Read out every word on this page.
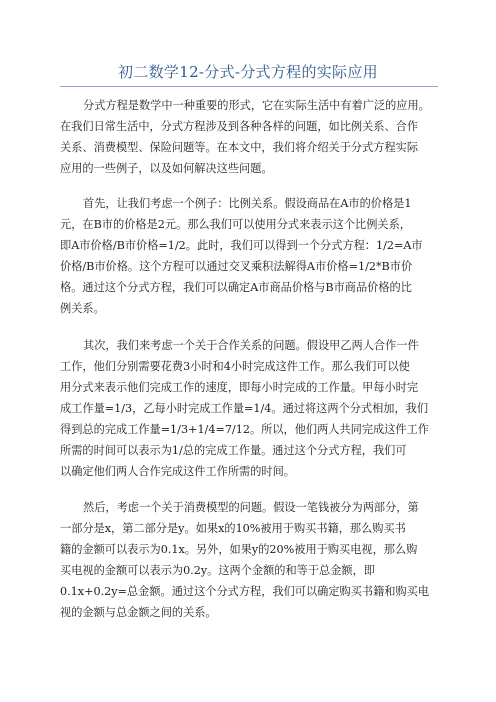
初二数学12-分式-分式方程的实际应用
分式方程是数学中一种重要的形式，它在实际生活中有着广泛的应用。
在我们日常生活中，分式方程涉及到各种各样的问题，如比例关系、合作
关系、消费模型、保险问题等。在本文中，我们将介绍关于分式方程实际
应用的一些例子，以及如何解决这些问题。
首先，让我们考虑一个例子：比例关系。假设商品在A市的价格是1
元，在B市的价格是2元。那么我们可以使用分式来表示这个比例关系，
即A市价格/B市价格=1/2。此时，我们可以得到一个分式方程：1/2=A市
价格/B市价格。这个方程可以通过交叉乘积法解得A市价格=1/2*B市价
格。通过这个分式方程，我们可以确定A市商品价格与B市商品价格的比
例关系。
其次，我们来考虑一个关于合作关系的问题。假设甲乙两人合作一件
工作，他们分别需要花费3小时和4小时完成这件工作。那么我们可以使
用分式来表示他们完成工作的速度，即每小时完成的工作量。甲每小时完
成工作量=1/3，乙每小时完成工作量=1/4。通过将这两个分式相加，我们
得到总的完成工作量=1/3+1/4=7/12。所以，他们两人共同完成这件工作
所需的时间可以表示为1/总的完成工作量。通过这个分式方程，我们可
以确定他们两人合作完成这件工作所需的时间。
然后，考虑一个关于消费模型的问题。假设一笔钱被分为两部分，第
一部分是x，第二部分是y。如果x的10%被用于购买书籍，那么购买书
籍的金额可以表示为0.1x。另外，如果y的20%被用于购买电视，那么购
买电视的金额可以表示为0.2y。这两个金额的和等于总金额，即
0.1x+0.2y=总金额。通过这个分式方程，我们可以确定购买书籍和购买电
视的金额与总金额之间的关系。
